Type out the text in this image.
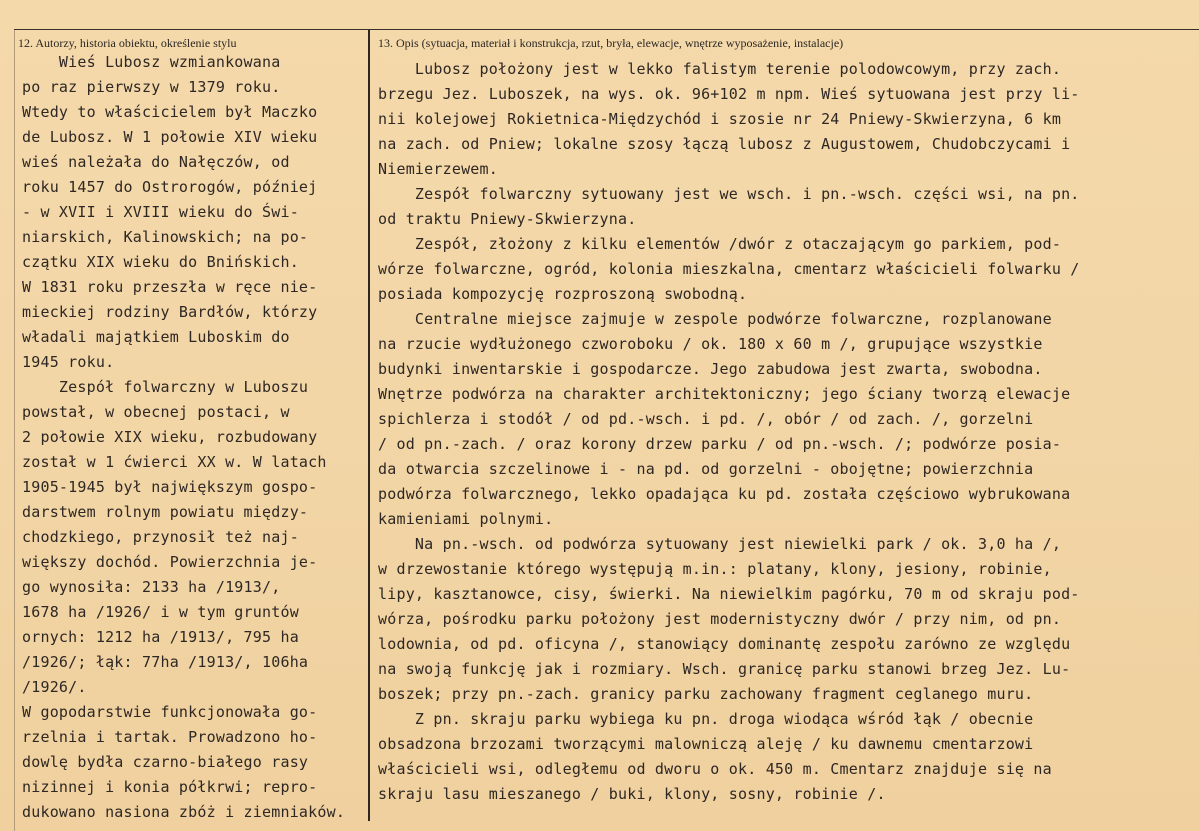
12. Autorzy, historia obiektu, określenie stylu	13. Opis (sytuacja, materiał i konstrukcja, rzut, bryła, elewacje, wnętrze wyposażenie, instalacje)
Wieś Lubosz wzmiankowana
po raz pierwszy w 1379 roku.
Wtedy to właścicielem był Maczko
de Lubosz. W 1 połowie XIV wieku
wieś należała do Nałęczów, od
roku 1457 do Ostrorogów, później
- w XVII i XVIII wieku do Świ-
niarskich, Kalinowskich; na po-
czątku XIX wieku do Bnińskich.
W 1831 roku przeszła w ręce nie-
mieckiej rodziny Bardłów, którzy
władali majątkiem Luboskim do
1945 roku.
Zespół folwarczny w Luboszu
powstał, w obecnej postaci, w
2 połowie XIX wieku, rozbudowany
został w 1 ćwierci XX w. W latach
1905-1945 był największym gospo-
darstwem rolnym powiatu między-
chodzkiego, przynosił też naj-
większy dochód. Powierzchnia je-
go wynosiła: 2133 ha /1913/,
1678 ha /1926/ i w tym gruntów
ornych: 1212 ha /1913/, 795 ha
/1926/; łąk: 77ha /1913/, 106ha
/1926/.
W gopodarstwie funkcjonowała go-
rzelnia i tartak. Prowadzono ho-
dowlę bydła czarno-białego rasy
nizinnej i konia półkrwi; repro-
dukowano nasiona zbóż i ziemniaków.
Lubosz położony jest w lekko falistym terenie polodowcowym, przy zach.
brzegu Jez. Luboszek, na wys. ok. 96+102 m npm. Wieś sytuowana jest przy li-
nii kolejowej Rokietnica-Międzychód i szosie nr 24 Pniewy-Skwierzyna, 6 km
na zach. od Pniew; lokalne szosy łączą lubosz z Augustowem, Chudobczycami i
Niemierzewem.
Zespół folwarczny sytuowany jest we wsch. i pn.-wsch. części wsi, na pn.
od traktu Pniewy-Skwierzyna.
Zespół, złożony z kilku elementów /dwór z otaczającym go parkiem, pod-
wórze folwarczne, ogród, kolonia mieszkalna, cmentarz właścicieli folwarku /
posiada kompozycję rozproszoną swobodną.
Centralne miejsce zajmuje w zespole podwórze folwarczne, rozplanowane
na rzucie wydłużonego czworoboku / ok. 180 x 60 m /, grupujące wszystkie
budynki inwentarskie i gospodarcze. Jego zabudowa jest zwarta, swobodna.
Wnętrze podwórza na charakter architektoniczny; jego ściany tworzą elewacje
spichlerza i stodół / od pd.-wsch. i pd. /, obór / od zach. /, gorzelni
/ od pn.-zach. / oraz korony drzew parku / od pn.-wsch. /; podwórze posia-
da otwarcia szczelinowe i - na pd. od gorzelni - obojętne; powierzchnia
podwórza folwarcznego, lekko opadająca ku pd. została częściowo wybrukowana
kamieniami polnymi.
Na pn.-wsch. od podwórza sytuowany jest niewielki park / ok. 3,0 ha /,
w drzewostanie którego występują m.in.: platany, klony, jesiony, robinie,
lipy, kasztanowce, cisy, świerki. Na niewielkim pagórku, 70 m od skraju pod-
wórza, pośrodku parku położony jest modernistyczny dwór / przy nim, od pn.
lodownia, od pd. oficyna /, stanowiący dominantę zespołu zarówno ze względu
na swoją funkcję jak i rozmiary. Wsch. granicę parku stanowi brzeg Jez. Lu-
boszek; przy pn.-zach. granicy parku zachowany fragment ceglanego muru.
Z pn. skraju parku wybiega ku pn. droga wiodąca wśród łąk / obecnie
obsadzona brzozami tworzącymi malowniczą aleję / ku dawnemu cmentarzowi
właścicieli wsi, odległemu od dworu o ok. 450 m. Cmentarz znajduje się na
skraju lasu mieszanego / buki, klony, sosny, robinie /.
